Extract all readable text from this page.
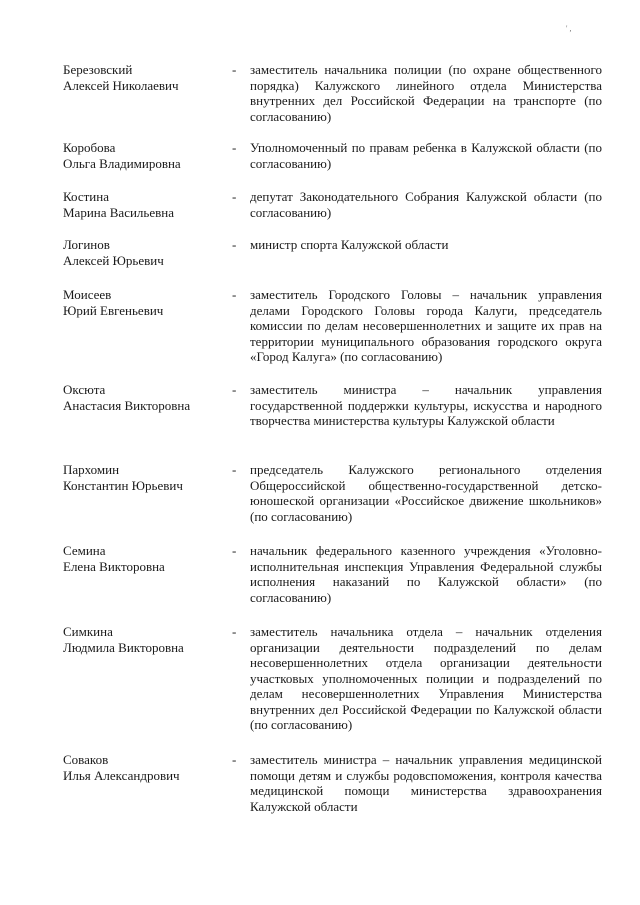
' ,
Березовский
Алексей Николаевич
- заместитель начальника полиции (по охране общественного порядка) Калужского линейного отдела Министерства внутренних дел Российской Федерации на транспорте (по согласованию)
Коробова
Ольга Владимировна
- Уполномоченный по правам ребенка в Калужской области (по согласованию)
Костина
Марина Васильевна
- депутат Законодательного Собрания Калужской области (по согласованию)
Логинов
Алексей Юрьевич
- министр спорта Калужской области
Моисеев
Юрий Евгеньевич
- заместитель Городского Головы – начальник управления делами Городского Головы города Калуги, председатель комиссии по делам несовершеннолетних и защите их прав на территории муниципального образования городского округа «Город Калуга» (по согласованию)
Оксюта
Анастасия Викторовна
- заместитель министра – начальник управления государственной поддержки культуры, искусства и народного творчества министерства культуры Калужской области
Пархомин
Константин Юрьевич
- председатель Калужского регионального отделения Общероссийской общественно-государственной детско-юношеской организации «Российское движение школьников» (по согласованию)
Семина
Елена Викторовна
- начальник федерального казенного учреждения «Уголовно-исполнительная инспекция Управления Федеральной службы исполнения наказаний по Калужской области» (по согласованию)
Симкина
Людмила Викторовна
- заместитель начальника отдела – начальник отделения организации деятельности подразделений по делам несовершеннолетних отдела организации деятельности участковых уполномоченных полиции и подразделений по делам несовершеннолетних Управления Министерства внутренних дел Российской Федерации по Калужской области (по согласованию)
Соваков
Илья Александрович
- заместитель министра – начальник управления медицинской помощи детям и службы родовспоможения, контроля качества медицинской помощи министерства здравоохранения Калужской области
